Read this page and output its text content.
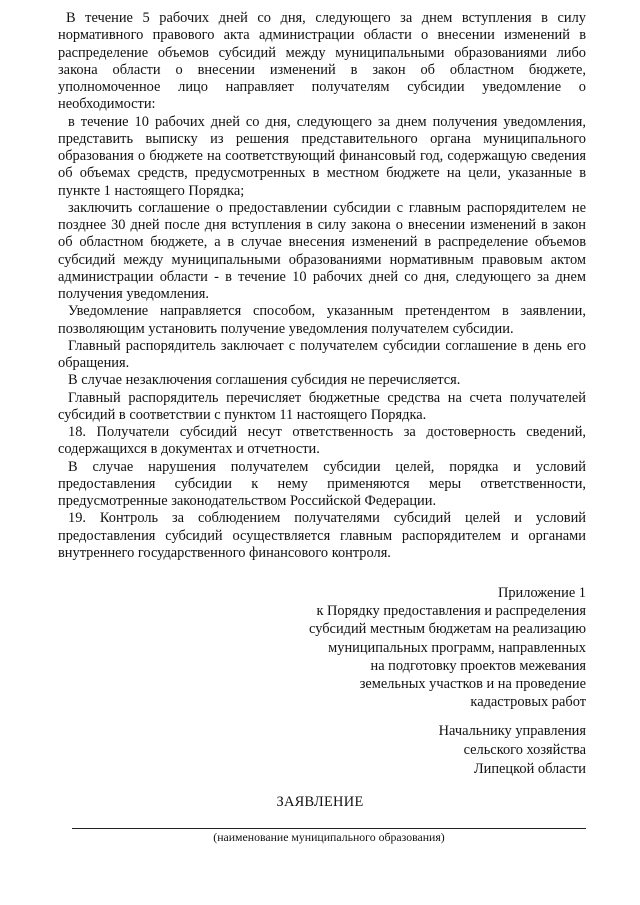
В течение 5 рабочих дней со дня, следующего за днем вступления в силу нормативного правового акта администрации области о внесении изменений в распределение объемов субсидий между муниципальными образованиями либо закона области о внесении изменений в закон об областном бюджете, уполномоченное лицо направляет получателям субсидии уведомление о необходимости:

в течение 10 рабочих дней со дня, следующего за днем получения уведомления, представить выписку из решения представительного органа муниципального образования о бюджете на соответствующий финансовый год, содержащую сведения об объемах средств, предусмотренных в местном бюджете на цели, указанные в пункте 1 настоящего Порядка;

заключить соглашение о предоставлении субсидии с главным распорядителем не позднее 30 дней после дня вступления в силу закона о внесении изменений в закон об областном бюджете, а в случае внесения изменений в распределение объемов субсидий между муниципальными образованиями нормативным правовым актом администрации области - в течение 10 рабочих дней со дня, следующего за днем получения уведомления.

Уведомление направляется способом, указанным претендентом в заявлении, позволяющим установить получение уведомления получателем субсидии.

Главный распорядитель заключает с получателем субсидии соглашение в день его обращения.

В случае незаключения соглашения субсидия не перечисляется.

Главный распорядитель перечисляет бюджетные средства на счета получателей субсидий в соответствии с пунктом 11 настоящего Порядка.

18. Получатели субсидий несут ответственность за достоверность сведений, содержащихся в документах и отчетности.

В случае нарушения получателем субсидии целей, порядка и условий предоставления субсидии к нему применяются меры ответственности, предусмотренные законодательством Российской Федерации.

19. Контроль за соблюдением получателями субсидий целей и условий предоставления субсидий осуществляется главным распорядителем и органами внутреннего государственного финансового контроля.

Приложение 1
к Порядку предоставления и распределения
субсидий местным бюджетам на реализацию
муниципальных программ, направленных
на подготовку проектов межевания
земельных участков и на проведение
кадастровых работ
Начальнику управления
сельского хозяйства
Липецкой области
ЗАЯВЛЕНИЕ
(наименование муниципального образования)
